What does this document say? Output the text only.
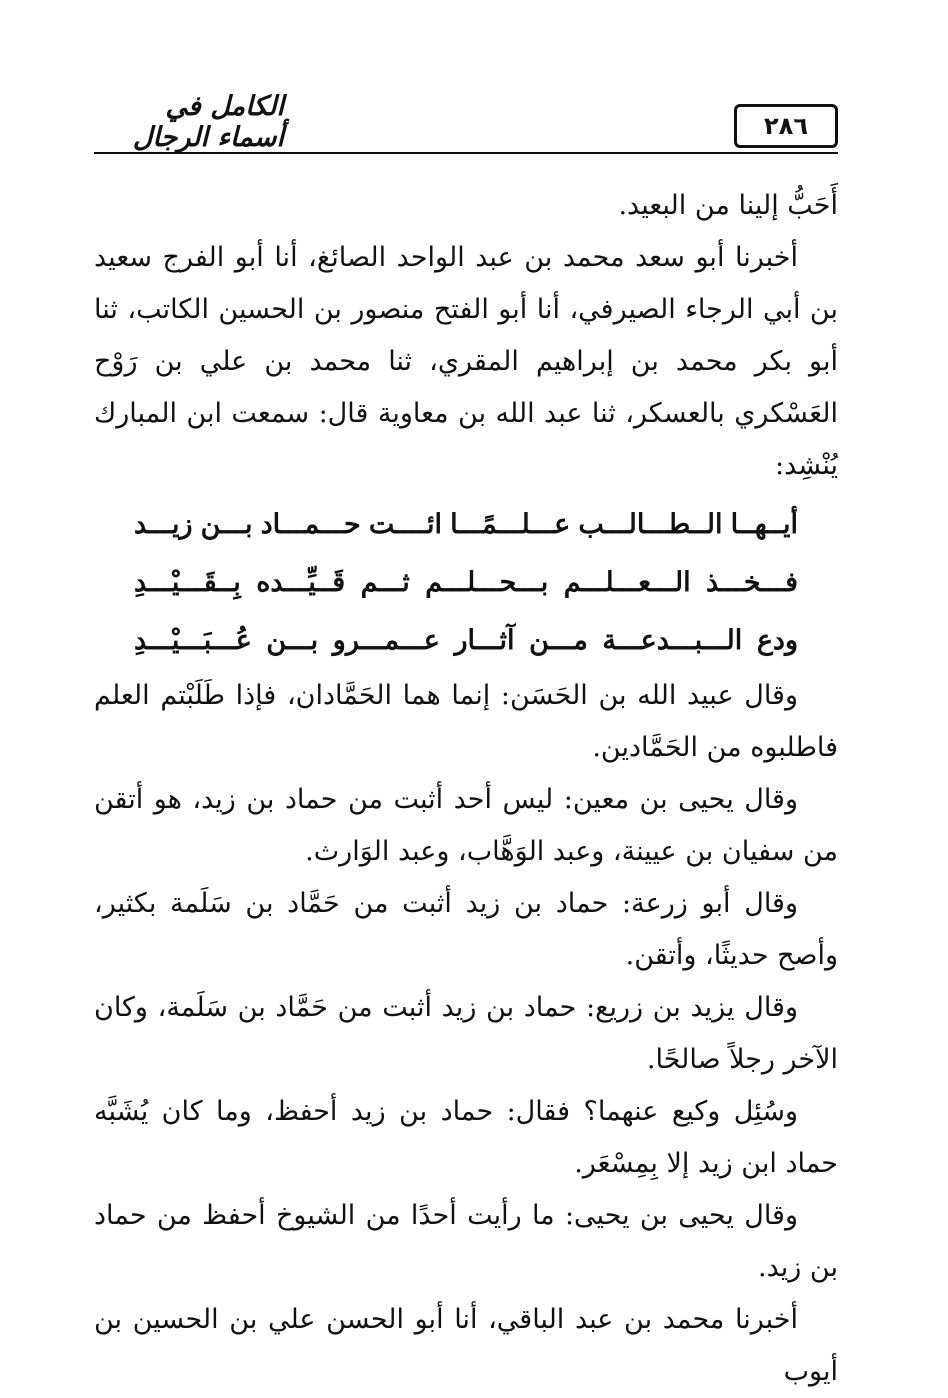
٢٨٦
الكامل في أسماء الرجال

أَحَبُّ إلينا من البعيد.

أخبرنا أبو سعد محمد بن عبد الواحد الصائغ، أنا أبو الفرج سعيد بن أبي الرجاء الصيرفي، أنا أبو الفتح منصور بن الحسين الكاتب، ثنا أبو بكر محمد بن إبراهيم المقري، ثنا محمد بن علي بن رَوْح العَسْكري بالعسكر، ثنا عبد الله بن معاوية قال: سمعت ابن المبارك يُنْشِد:

أيــهــا
الــطـــالـــب
عـــلـــمًـــا
ائــــت
حـــمـــاد
بـــن
زيـــد
فـــخـــذ
الـــعـــلـــم
بـــحـــلـــم
ثـــم
قَــيِّـــده
بِــقَـــيْـــدِ
ودع
الـــبـــدعـــة
مـــن
آثـــار
عـــمـــرو
بـــن
عُـــبَـــيْـــدِ

وقال عبيد الله بن الحَسَن: إنما هما الحَمَّادان، فإذا طَلَبْتم العلم فاطلبوه من الحَمَّادين.

وقال يحيى بن معين: ليس أحد أثبت من حماد بن زيد، هو أتقن من سفيان بن عيينة، وعبد الوَهَّاب، وعبد الوَارث.

وقال أبو زرعة: حماد بن زيد أثبت من حَمَّاد بن سَلَمة بكثير، وأصح حديثًا، وأتقن.

وقال يزيد بن زريع: حماد بن زيد أثبت من حَمَّاد بن سَلَمة، وكان الآخر رجلاً صالحًا.

وسُئِل وكيع عنهما؟ فقال: حماد بن زيد أحفظ، وما كان يُشَبَّه حماد ابن زيد إلا بِمِسْعَر.

وقال يحيى بن يحيى: ما رأيت أحدًا من الشيوخ أحفظ من حماد بن زيد.

أخبرنا محمد بن عبد الباقي، أنا أبو الحسن علي بن الحسين بن أيوب
